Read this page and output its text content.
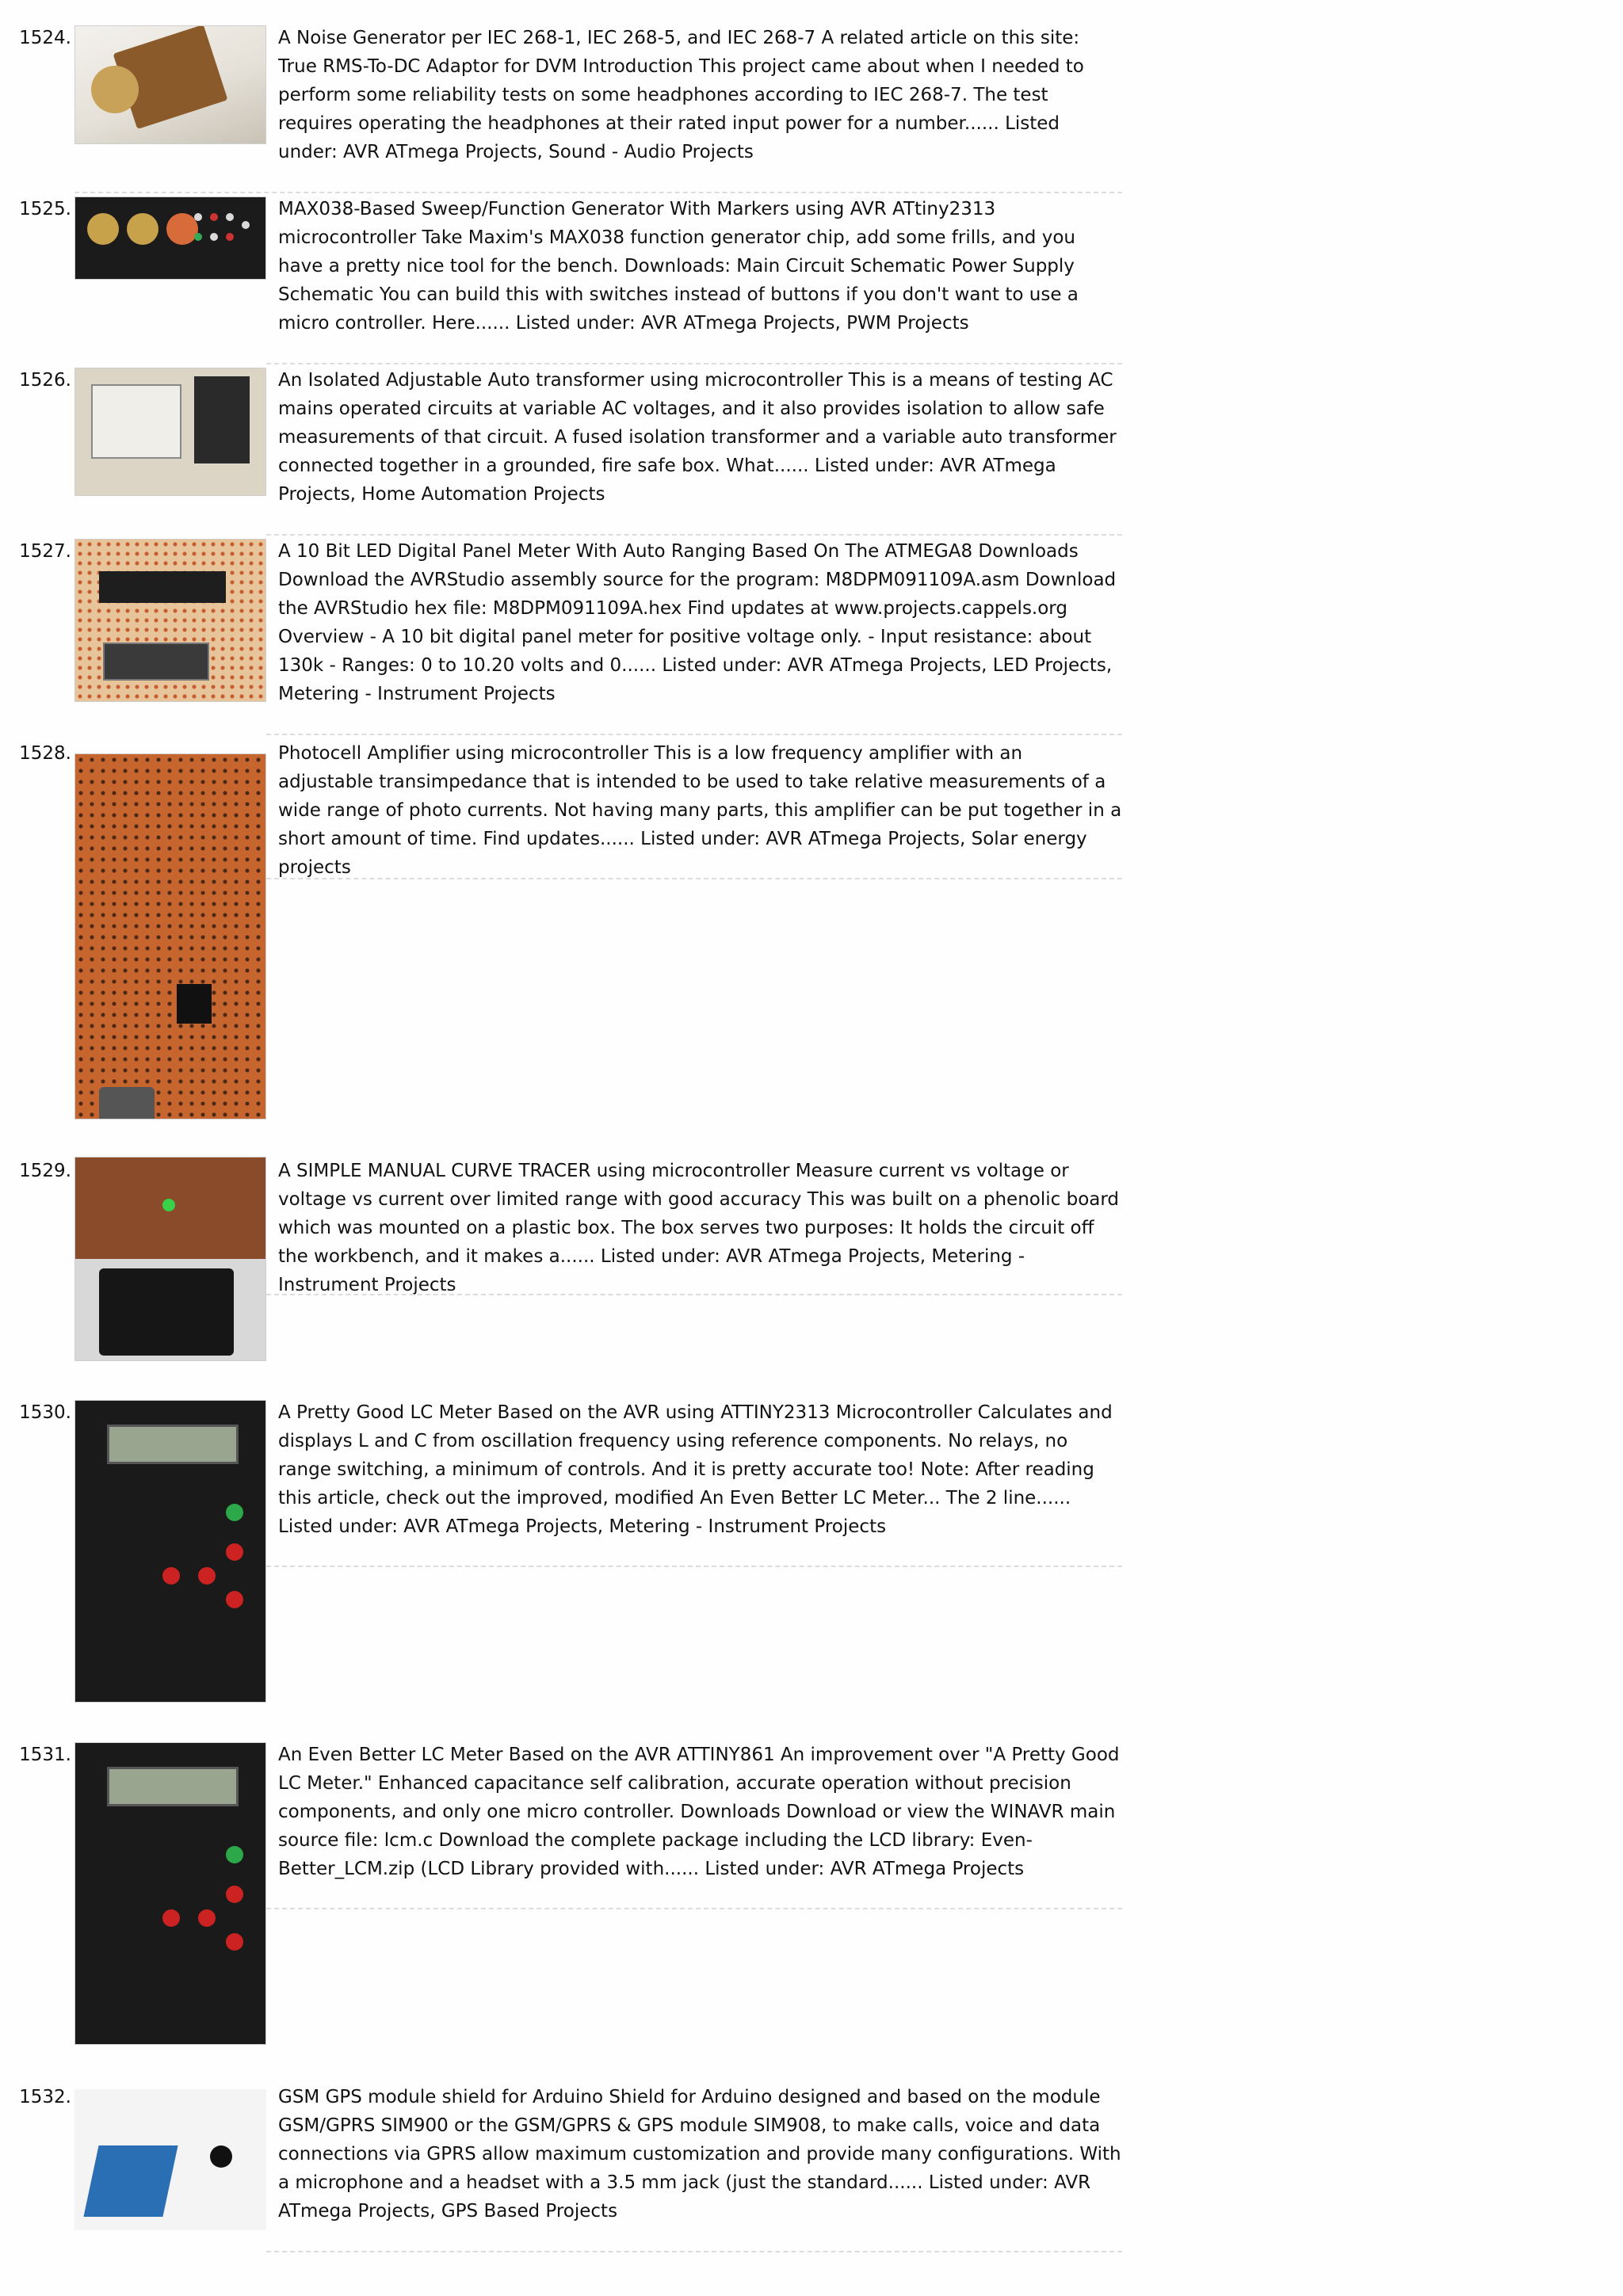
1524.	A Noise Generator per IEC 268-1, IEC 268-5, and IEC 268-7 A related article on this site: True RMS-To-DC Adaptor for DVM Introduction This project came about when I needed to perform some reliability tests on some headphones according to IEC 268-7. The test requires operating the headphones at their rated input power for a number...... Listed under: AVR ATmega Projects, Sound - Audio Projects

1525.	MAX038-Based Sweep/Function Generator With Markers using AVR ATtiny2313 microcontroller Take Maxim's MAX038 function generator chip, add some frills, and you have a pretty nice tool for the bench. Downloads: Main Circuit Schematic Power Supply Schematic You can build this with switches instead of buttons if you don't want to use a micro controller. Here...... Listed under: AVR ATmega Projects, PWM Projects

1526.	An Isolated Adjustable Auto transformer using microcontroller This is a means of testing AC mains operated circuits at variable AC voltages, and it also provides isolation to allow safe measurements of that circuit. A fused isolation transformer and a variable auto transformer connected together in a grounded, fire safe box. What...... Listed under: AVR ATmega Projects, Home Automation Projects

1527.	A 10 Bit LED Digital Panel Meter With Auto Ranging Based On The ATMEGA8 Downloads Download the AVRStudio assembly source for the program: M8DPM091109A.asm Download the AVRStudio hex file: M8DPM091109A.hex Find updates at www.projects.cappels.org Overview - A 10 bit digital panel meter for positive voltage only. - Input resistance: about 130k - Ranges: 0 to 10.20 volts and 0...... Listed under: AVR ATmega Projects, LED Projects, Metering - Instrument Projects

1528.	Photocell Amplifier using microcontroller This is a low frequency amplifier with an adjustable transimpedance that is intended to be used to take relative measurements of a wide range of photo currents. Not having many parts, this amplifier can be put together in a short amount of time. Find updates...... Listed under: AVR ATmega Projects, Solar energy projects

1529.	A SIMPLE MANUAL CURVE TRACER using microcontroller Measure current vs voltage or voltage vs current over limited range with good accuracy This was built on a phenolic board which was mounted on a plastic box. The box serves two purposes: It holds the circuit off the workbench, and it makes a...... Listed under: AVR ATmega Projects, Metering - Instrument Projects

1530.	A Pretty Good LC Meter Based on the AVR using ATTINY2313 Microcontroller Calculates and displays L and C from oscillation frequency using reference components. No relays, no range switching, a minimum of controls. And it is pretty accurate too! Note: After reading this article, check out the improved, modified An Even Better LC Meter... The 2 line...... Listed under: AVR ATmega Projects, Metering - Instrument Projects

1531.	An Even Better LC Meter Based on the AVR ATTINY861 An improvement over "A Pretty Good LC Meter." Enhanced capacitance self calibration, accurate operation without precision components, and only one micro controller. Downloads Download or view the WINAVR main source file: lcm.c Download the complete package including the LCD library: Even-Better_LCM.zip (LCD Library provided with...... Listed under: AVR ATmega Projects

1532.	GSM GPS module shield for Arduino Shield for Arduino designed and based on the module GSM/GPRS SIM900 or the GSM/GPRS & GPS module SIM908, to make calls, voice and data connections via GPRS allow maximum customization and provide many configurations. With a microphone and a headset with a 3.5 mm jack (just the standard...... Listed under: AVR ATmega Projects, GPS Based Projects
